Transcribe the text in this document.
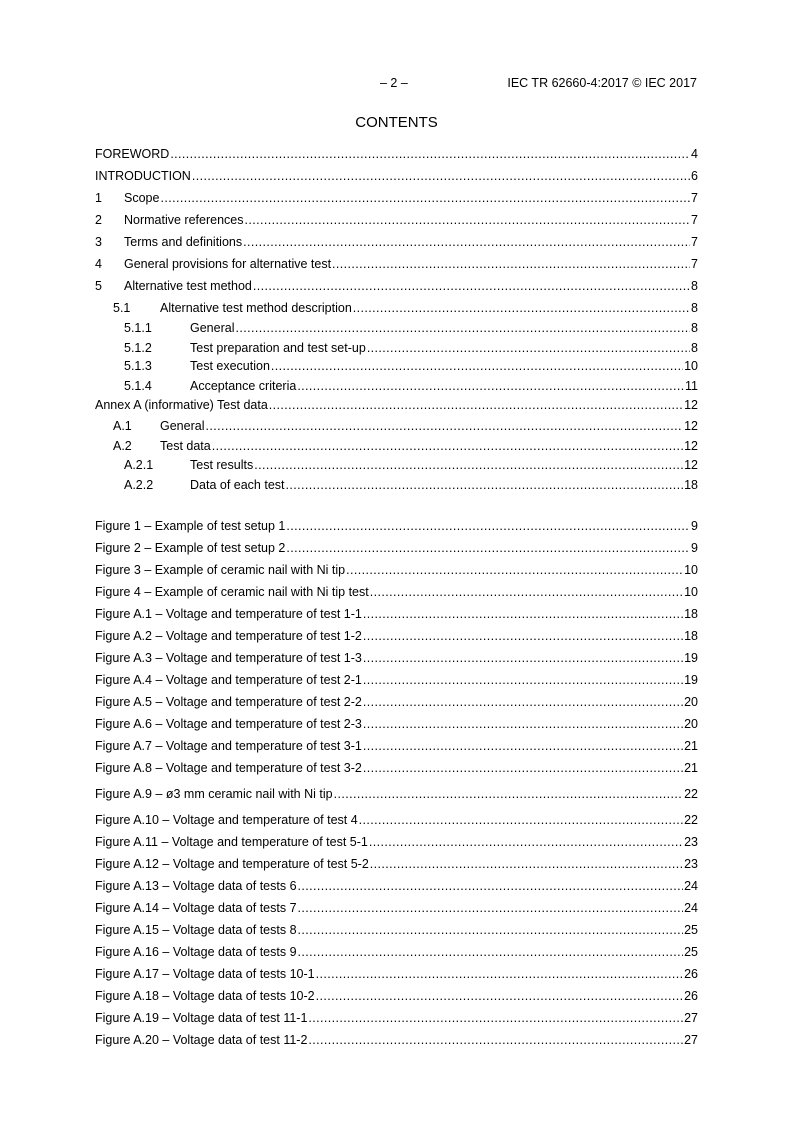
– 2 –	IEC TR 62660-4:2017 © IEC 2017
CONTENTS
FOREWORD .....	4
INTRODUCTION .....	6
1	Scope .....	7
2	Normative references .....	7
3	Terms and definitions .....	7
4	General provisions for alternative test .....	7
5	Alternative test method .....	8
5.1	Alternative test method description .....	8
5.1.1	General .....	8
5.1.2	Test preparation and test set-up .....	8
5.1.3	Test execution .....	10
5.1.4	Acceptance criteria .....	11
Annex A (informative) Test data .....	12
A.1	General .....	12
A.2	Test data .....	12
A.2.1	Test results .....	12
A.2.2	Data of each test .....	18
Figure 1 – Example of test setup 1 .....	9
Figure 2 – Example of test setup 2 .....	9
Figure 3 – Example of ceramic nail with Ni tip .....	10
Figure 4 – Example of ceramic nail with Ni tip test .....	10
Figure A.1 – Voltage and temperature of test 1-1 .....	18
Figure A.2 – Voltage and temperature of test 1-2 .....	18
Figure A.3 – Voltage and temperature of test 1-3 .....	19
Figure A.4 – Voltage and temperature of test 2-1 .....	19
Figure A.5 – Voltage and temperature of test 2-2 .....	20
Figure A.6 – Voltage and temperature of test 2-3 .....	20
Figure A.7 – Voltage and temperature of test 3-1 .....	21
Figure A.8 – Voltage and temperature of test 3-2 .....	21
Figure A.9 – ø3 mm ceramic nail with Ni tip .....	22
Figure A.10 – Voltage and temperature of test 4 .....	22
Figure A.11 – Voltage and temperature of test 5-1 .....	23
Figure A.12 – Voltage and temperature of test 5-2 .....	23
Figure A.13 – Voltage data of tests 6 .....	24
Figure A.14 – Voltage data of tests 7 .....	24
Figure A.15 – Voltage data of tests 8 .....	25
Figure A.16 – Voltage data of tests 9 .....	25
Figure A.17 – Voltage data of tests 10-1 .....	26
Figure A.18 – Voltage data of tests 10-2 .....	26
Figure A.19 – Voltage data of test 11-1 .....	27
Figure A.20 – Voltage data of test 11-2 .....	27
